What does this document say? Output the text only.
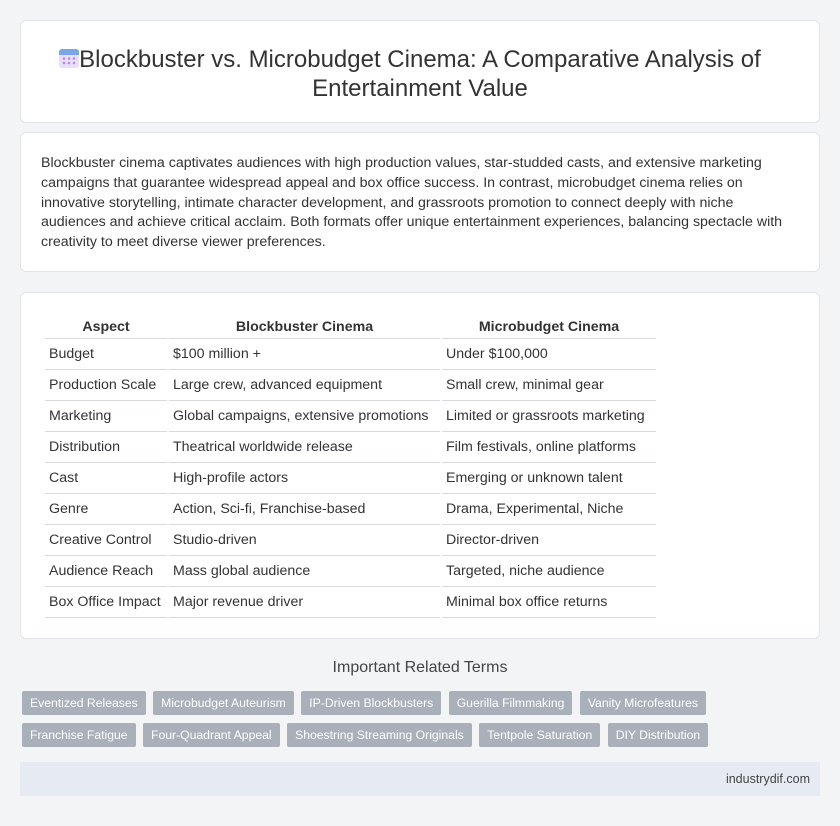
Blockbuster vs. Microbudget Cinema: A Comparative Analysis of
Entertainment Value
Blockbuster cinema captivates audiences with high production values, star-studded casts, and extensive marketing campaigns that guarantee widespread appeal and box office success. In contrast, microbudget cinema relies on innovative storytelling, intimate character development, and grassroots promotion to connect deeply with niche audiences and achieve critical acclaim. Both formats offer unique entertainment experiences, balancing spectacle with creativity to meet diverse viewer preferences.
Aspect	Blockbuster Cinema	Microbudget Cinema
Budget	$100 million +	Under $100,000
Production Scale	Large crew, advanced equipment	Small crew, minimal gear
Marketing	Global campaigns, extensive promotions	Limited or grassroots marketing
Distribution	Theatrical worldwide release	Film festivals, online platforms
Cast	High-profile actors	Emerging or unknown talent
Genre	Action, Sci-fi, Franchise-based	Drama, Experimental, Niche
Creative Control	Studio-driven	Director-driven
Audience Reach	Mass global audience	Targeted, niche audience
Box Office Impact	Major revenue driver	Minimal box office returns
Important Related Terms
Eventized Releases Microbudget Auteurism IP-Driven Blockbusters Guerilla Filmmaking Vanity Microfeatures Franchise Fatigue Four-Quadrant Appeal Shoestring Streaming Originals Tentpole Saturation DIY Distribution
industrydif.com
